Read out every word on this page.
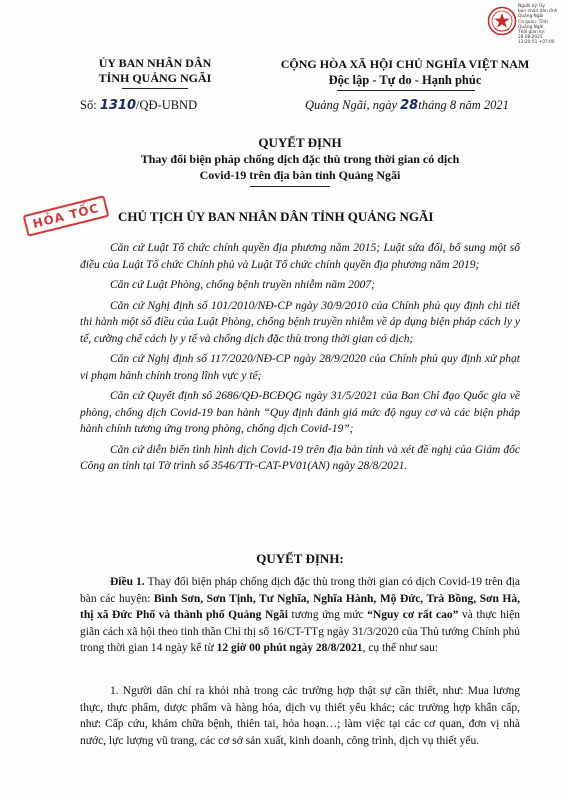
Người ký: Ủy
ban nhân dân tỉnh
Quảng Ngãi
Cơ quan: Tỉnh
Quảng Ngãi
Thời gian ký:
28.08.2021
11:20:51 +07:00
ỦY BAN NHÂN DÂN
TỈNH QUẢNG NGÃI
Số: 1310/QĐ-UBND
CỘNG HÒA XÃ HỘI CHỦ NGHĨA VIỆT NAM
Độc lập - Tự do - Hạnh phúc
Quảng Ngãi, ngày 28tháng 8 năm 2021
QUYẾT ĐỊNH
Thay đổi biện pháp chống dịch đặc thù trong thời gian có dịch
Covid-19 trên địa bàn tỉnh Quảng Ngãi
HỎA TỐC	CHỦ TỊCH ỦY BAN NHÂN DÂN TỈNH QUẢNG NGÃI

Căn cứ Luật Tổ chức chính quyền địa phương năm 2015; Luật sửa đổi, bổ sung một số điều của Luật Tổ chức Chính phủ và Luật Tổ chức chính quyền địa phương năm 2019;

Căn cứ Luật Phòng, chống bệnh truyền nhiễm năm 2007;

Căn cứ Nghị định số 101/2010/NĐ-CP ngày 30/9/2010 của Chính phủ quy định chi tiết thi hành một số điều của Luật Phòng, chống bệnh truyền nhiễm về áp dụng biện pháp cách ly y tế, cưỡng chế cách ly y tế và chống dịch đặc thù trong thời gian có dịch;

Căn cứ Nghị định số 117/2020/NĐ-CP ngày 28/9/2020 của Chính phủ quy định xử phạt vi phạm hành chính trong lĩnh vực y tế;

Căn cứ Quyết định số 2686/QĐ-BCĐQG ngày 31/5/2021 của Ban Chỉ đạo Quốc gia về phòng, chống dịch Covid-19 ban hành “Quy định đánh giá mức độ nguy cơ và các biện pháp hành chính tương ứng trong phòng, chống dịch Covid-19”;

Căn cứ diễn biến tình hình dịch Covid-19 trên địa bàn tỉnh và xét đề nghị của Giám đốc Công an tỉnh tại Tờ trình số 3546/TTr-CAT-PV01(AN) ngày 28/8/2021.

QUYẾT ĐỊNH:
Điều 1. Thay đổi biện pháp chống dịch đặc thù trong thời gian có dịch Covid-19 trên địa bàn các huyện: Bình Sơn, Sơn Tịnh, Tư Nghĩa, Nghĩa Hành, Mộ Đức, Trà Bồng, Sơn Hà, thị xã Đức Phổ và thành phố Quảng Ngãi tương ứng mức “Nguy cơ rất cao” và thực hiện giãn cách xã hội theo tinh thần Chỉ thị số 16/CT-TTg ngày 31/3/2020 của Thủ tướng Chính phủ trong thời gian 14 ngày kể từ 12 giờ 00 phút ngày 28/8/2021, cụ thể như sau:
1. Người dân chỉ ra khỏi nhà trong các trường hợp thật sự cần thiết, như: Mua lương thực, thực phẩm, dược phẩm và hàng hóa, dịch vụ thiết yếu khác; các trường hợp khẩn cấp, như: Cấp cứu, khám chữa bệnh, thiên tai, hỏa hoạn…; làm việc tại các cơ quan, đơn vị nhà nước, lực lượng vũ trang, các cơ sở sản xuất, kinh doanh, công trình, dịch vụ thiết yếu.
